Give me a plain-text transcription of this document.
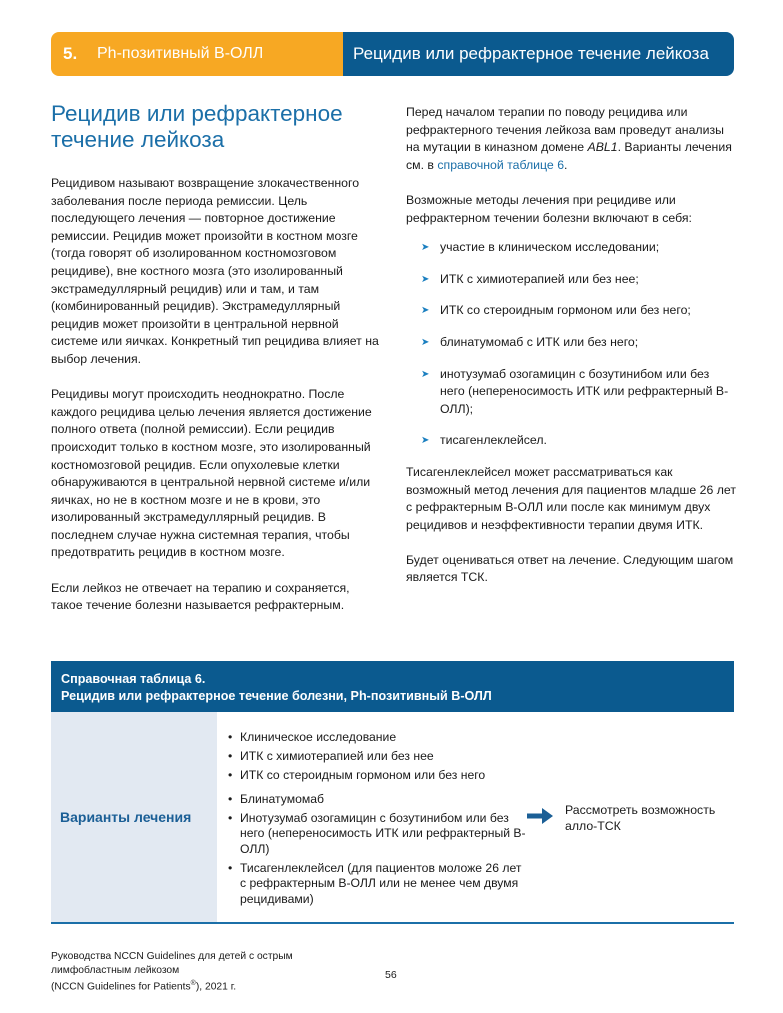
5.	Ph-позитивный В-ОЛЛ	Рецидив или рефрактерное течение лейкоза
Рецидив или рефрактерное течение лейкоза

Рецидивом называют возвращение злокачественного заболевания после периода ремиссии. Цель последующего лечения — повторное достижение ремиссии. Рецидив может произойти в костном мозге (тогда говорят об изолированном костномозговом рецидиве), вне костного мозга (это изолированный экстрамедуллярный рецидив) или и там, и там (комбинированный рецидив). Экстрамедуллярный рецидив может произойти в центральной нервной системе или яичках. Конкретный тип рецидива влияет на выбор лечения.

Рецидивы могут происходить неоднократно. После каждого рецидива целью лечения является достижение полного ответа (полной ремиссии). Если рецидив происходит только в костном мозге, это изолированный костномозговой рецидив. Если опухолевые клетки обнаруживаются в центральной нервной системе и/или яичках, но не в костном мозге и не в крови, это изолированный экстрамедуллярный рецидив. В последнем случае нужна системная терапия, чтобы предотвратить рецидив в костном мозге.

Если лейкоз не отвечает на терапию и сохраняется, такое течение болезни называется рефрактерным.

Перед началом терапии по поводу рецидива или рефрактерного течения лейкоза вам проведут анализы на мутации в киназном домене ABL1. Варианты лечения см. в справочной таблице 6.

Возможные методы лечения при рецидиве или рефрактерном течении болезни включают в себя:

➤ участие в клиническом исследовании;
➤ ИТК с химиотерапией или без нее;
➤ ИТК со стероидным гормоном или без него;
➤ блинатумомаб с ИТК или без него;
➤ инотузумаб озогамицин с бозутинибом или без него (непереносимость ИТК или рефрактерный В-ОЛЛ);
➤ тисагенлеклейсел.

Тисагенлеклейсел может рассматриваться как возможный метод лечения для пациентов младше 26 лет с рефрактерным В-ОЛЛ или после как минимум двух рецидивов и неэффективности терапии двумя ИТК.

Будет оцениваться ответ на лечение. Следующим шагом является ТСК.

Справочная таблица 6.
Рецидив или рефрактерное течение болезни, Ph-позитивный В-ОЛЛ
Варианты лечения
• Клиническое исследование
• ИТК с химиотерапией или без нее
• ИТК со стероидным гормоном или без него
• Блинатумомаб
• Инотузумаб озогамицин с бозутинибом или без него (непереносимость ИТК или рефрактерный В-ОЛЛ)
• Тисагенлеклейсел (для пациентов моложе 26 лет с рефрактерным В-ОЛЛ или не менее чем двумя рецидивами)
Рассмотреть возможность алло-ТСК
Руководства NCCN Guidelines для детей с острым
лимфобластным лейкозом
(NCCN Guidelines for Patients®), 2021 г.
56
